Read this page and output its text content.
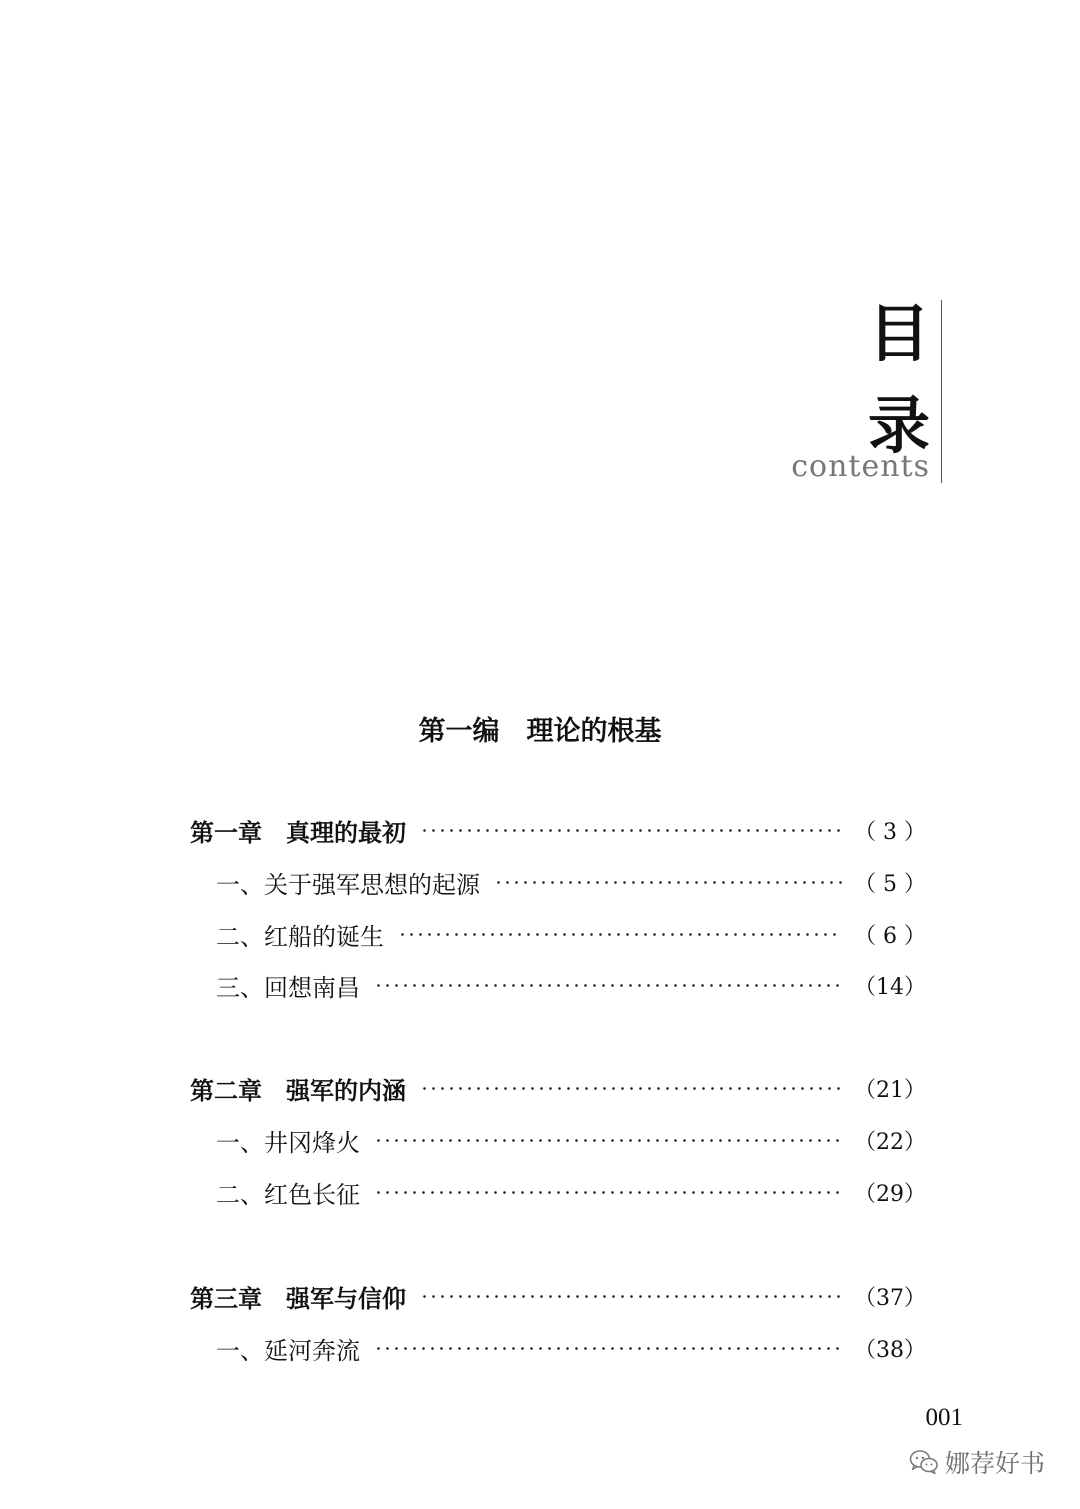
目
录
contents
第一编　理论的根基
第一章　真理的最初	（ 3 ）
一、关于强军思想的起源	（ 5 ）
二、红船的诞生	（ 6 ）
三、回想南昌	（14）
第二章　强军的内涵	（21）
一、井冈烽火	（22）
二、红色长征	（29）
第三章　强军与信仰	（37）
一、延河奔流	（38）
001
娜荐好书
